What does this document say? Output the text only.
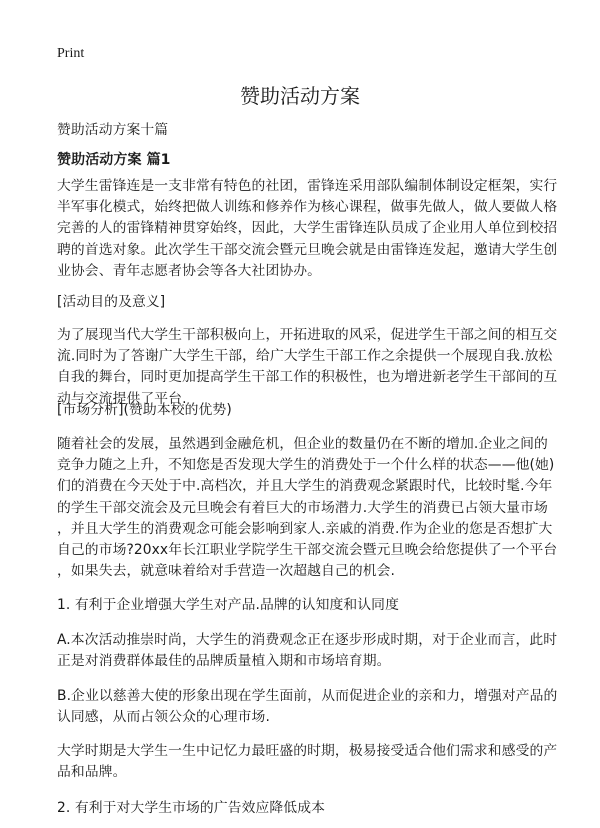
Print
赞助活动方案
赞助活动方案十篇
赞助活动方案 篇1
大学生雷锋连是一支非常有特色的社团，雷锋连采用部队编制体制设定框架，实行
半军事化模式，始终把做人训练和修养作为核心课程，做事先做人，做人要做人格
完善的人的雷锋精神贯穿始终，因此，大学生雷锋连队员成了企业用人单位到校招
聘的首选对象。此次学生干部交流会暨元旦晚会就是由雷锋连发起，邀请大学生创
业协会、青年志愿者协会等各大社团协办。
[活动目的及意义]
为了展现当代大学生干部积极向上，开拓进取的风采，促进学生干部之间的相互交
流.同时为了答谢广大学生干部，给广大学生干部工作之余提供一个展现自我.放松
自我的舞台，同时更加提高学生干部工作的积极性，也为增进新老学生干部间的互
动与交流提供了平台.
[市场分析](赞助本校的优势)
随着社会的发展，虽然遇到金融危机，但企业的数量仍在不断的增加.企业之间的
竞争力随之上升，不知您是否发现大学生的消费处于一个什么样的状态——他(她)
们的消费在今天处于中.高档次，并且大学生的消费观念紧跟时代，比较时髦.今年
的学生干部交流会及元旦晚会有着巨大的市场潜力.大学生的消费已占领大量市场
，并且大学生的消费观念可能会影响到家人.亲戚的消费.作为企业的您是否想扩大
自己的市场?20xx年长江职业学院学生干部交流会暨元旦晚会给您提供了一个平台
，如果失去，就意味着给对手营造一次超越自己的机会.
1. 有利于企业增强大学生对产品.品牌的认知度和认同度
A.本次活动推崇时尚，大学生的消费观念正在逐步形成时期，对于企业而言，此时
正是对消费群体最佳的品牌质量植入期和市场培育期。
B.企业以慈善大使的形象出现在学生面前，从而促进企业的亲和力，增强对产品的
认同感，从而占领公众的心理市场.
大学时期是大学生一生中记忆力最旺盛的时期，极易接受适合他们需求和感受的产
品和品牌。
2. 有利于对大学生市场的广告效应降低成本
